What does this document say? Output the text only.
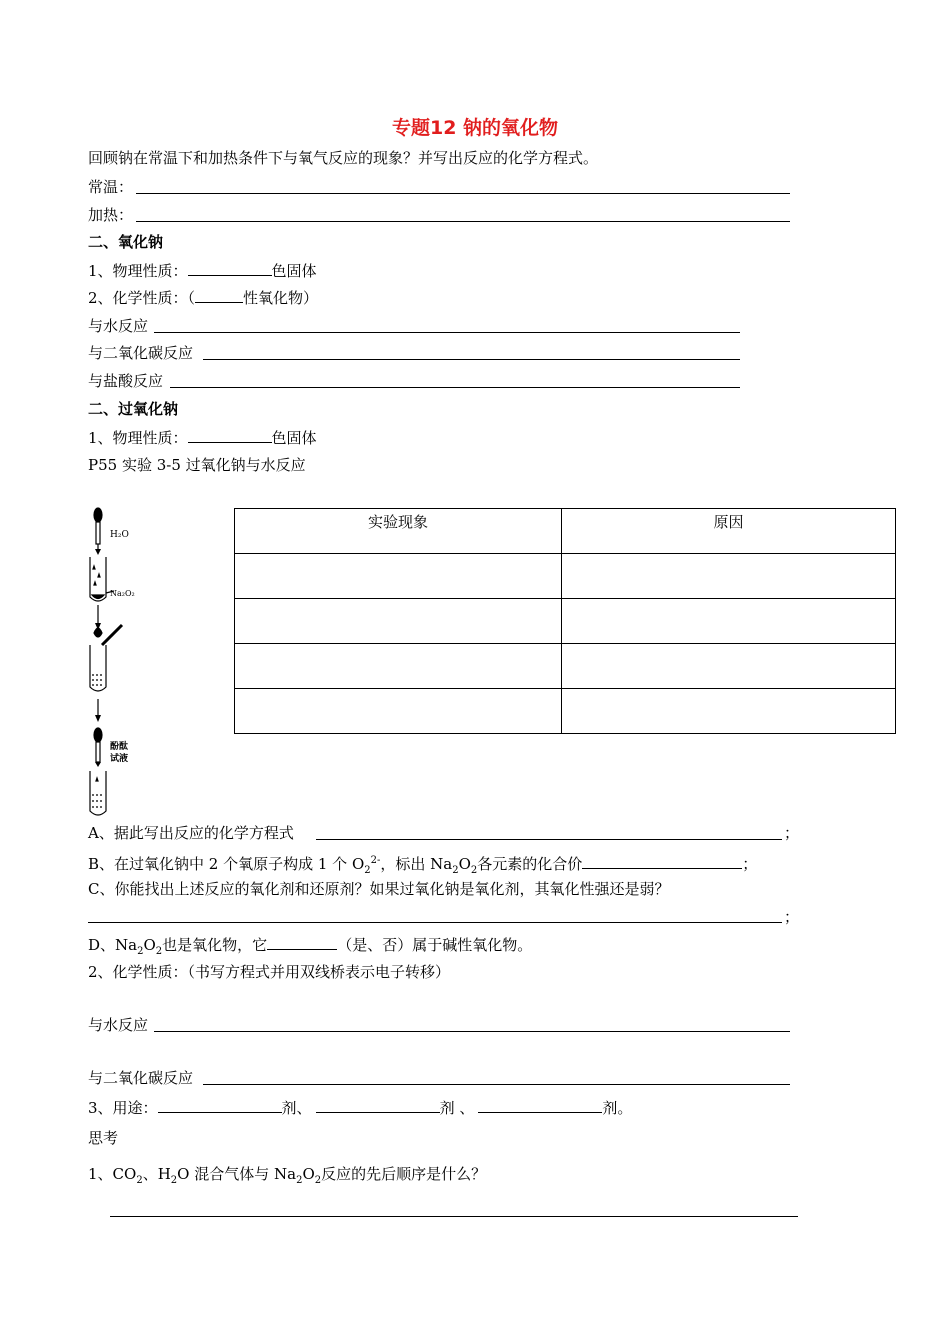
专题12 钠的氧化物
回顾钠在常温下和加热条件下与氧气反应的现象？并写出反应的化学方程式。
常温：
加热：
二、氧化钠
1、物理性质：	色固体
2、化学性质：（	性氧化物）
与水反应
与二氧化碳反应
与盐酸反应
二、过氧化钠
1、物理性质：	色固体
P55 实验 3-5 过氧化钠与水反应
H₂O
Na₂O₂
酚酞
试液
实验现象	原因

A、据此写出反应的化学方程式	；
B、在过氧化钠中 2 个氧原子构成 1 个 $O_2^{2-}$，标出 $Na_2O_2$各元素的化合价	；
C、你能找出上述反应的氧化剂和还原剂？如果过氧化钠是氧化剂，其氧化性强还是弱？
；
D、$Na_2O_2$也是氧化物，它	（是、否）属于碱性氧化物。
2、化学性质：（书写方程式并用双线桥表示电子转移）
与水反应
与二氧化碳反应
3、用途：	剂、	剂 、	剂。
思考
1、$CO_2$、$H_2O$ 混合气体与 $Na_2O_2$反应的先后顺序是什么？
